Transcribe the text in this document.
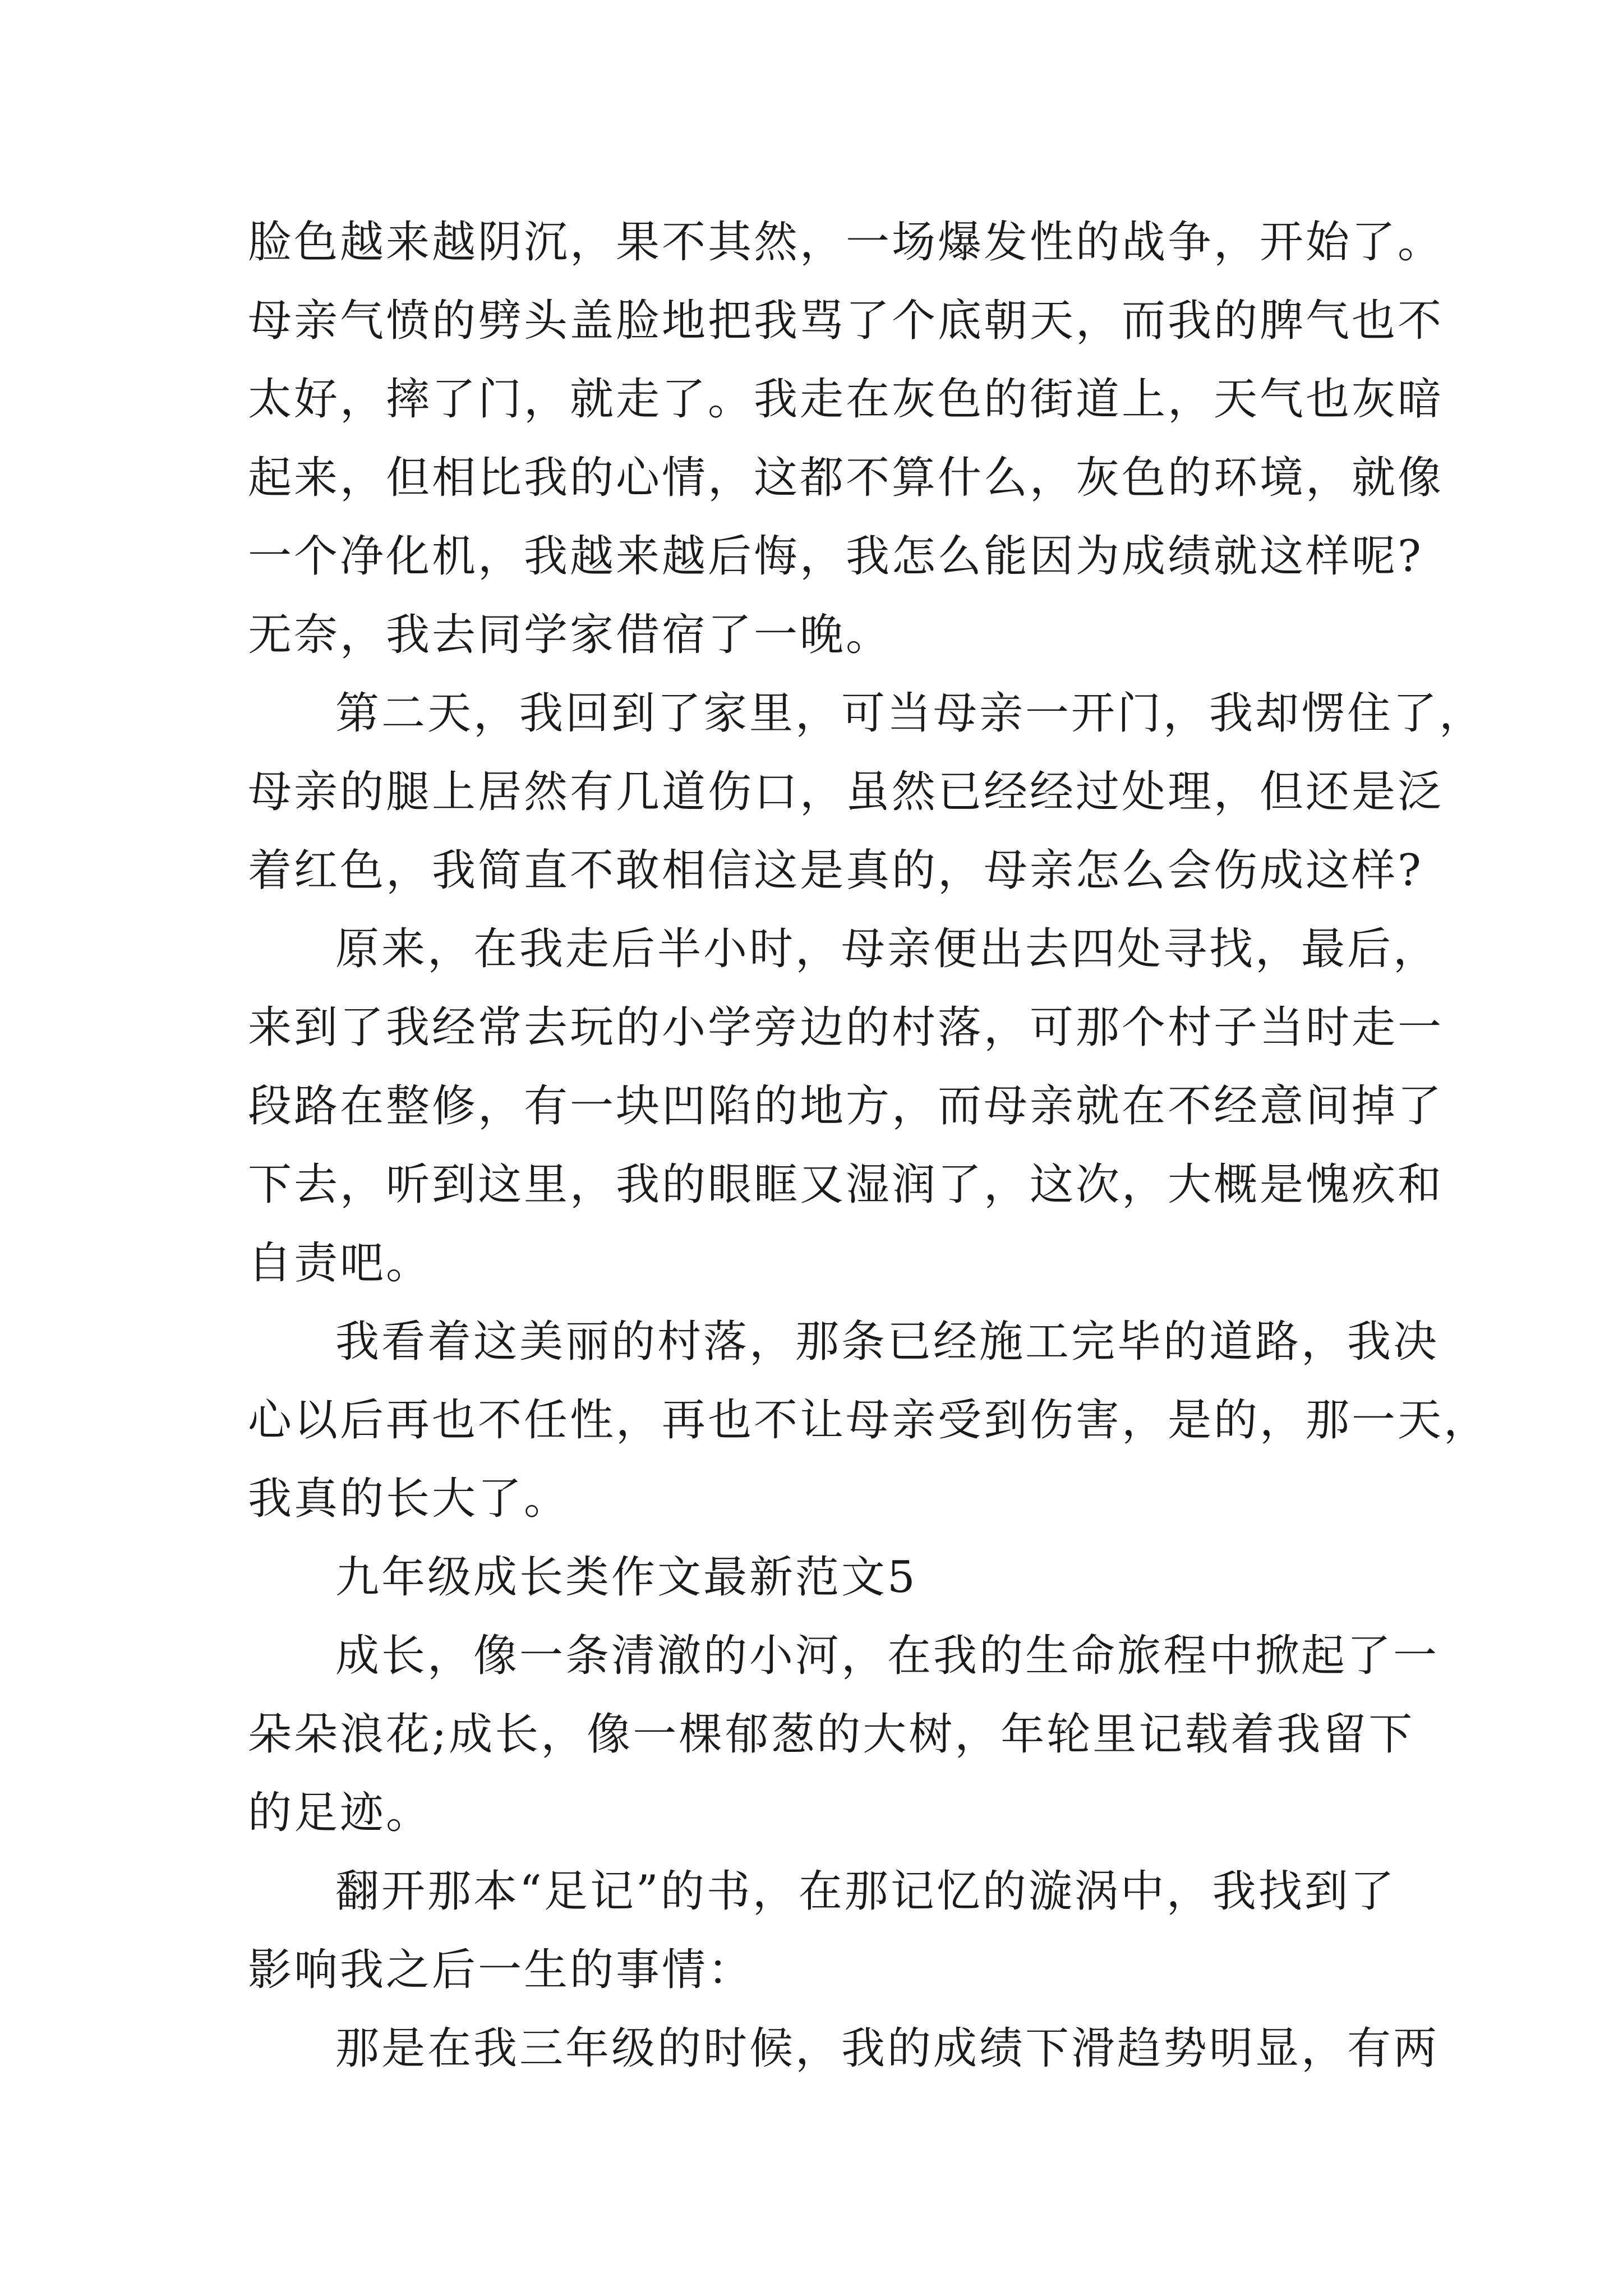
脸色越来越阴沉，果不其然，一场爆发性的战争，开始了。
母亲气愤的劈头盖脸地把我骂了个底朝天，而我的脾气也不
太好，摔了门，就走了。我走在灰色的街道上，天气也灰暗
起来，但相比我的心情，这都不算什么，灰色的环境，就像
一个净化机，我越来越后悔，我怎么能因为成绩就这样呢?
无奈，我去同学家借宿了一晚。
第二天，我回到了家里，可当母亲一开门，我却愣住了，
母亲的腿上居然有几道伤口，虽然已经经过处理，但还是泛
着红色，我简直不敢相信这是真的，母亲怎么会伤成这样?
原来，在我走后半小时，母亲便出去四处寻找，最后，
来到了我经常去玩的小学旁边的村落，可那个村子当时走一
段路在整修，有一块凹陷的地方，而母亲就在不经意间掉了
下去，听到这里，我的眼眶又湿润了，这次，大概是愧疚和
自责吧。
我看着这美丽的村落，那条已经施工完毕的道路，我决
心以后再也不任性，再也不让母亲受到伤害，是的，那一天，
我真的长大了。
九年级成长类作文最新范文5
成长，像一条清澈的小河，在我的生命旅程中掀起了一
朵朵浪花;成长，像一棵郁葱的大树，年轮里记载着我留下
的足迹。
翻开那本“足记”的书，在那记忆的漩涡中，我找到了
影响我之后一生的事情：
那是在我三年级的时候，我的成绩下滑趋势明显，有两
